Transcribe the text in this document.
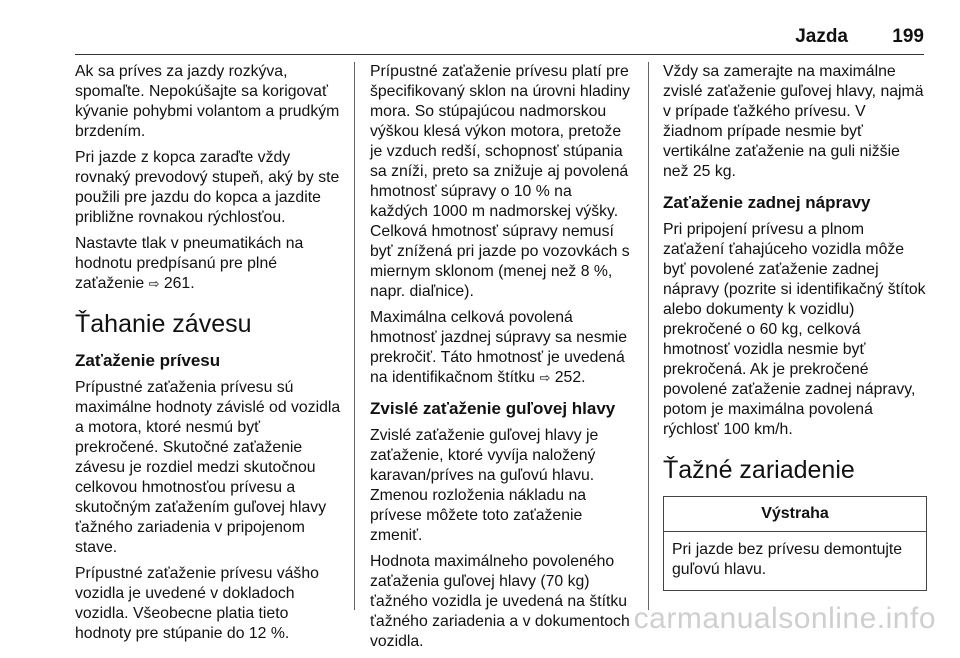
Jazda 199

Ak sa príves za jazdy rozkýva, spomaľte. Nepokúšajte sa korigovať kývanie pohybmi volantom a prudkým brzdením.

Pri jazde z kopca zaraďte vždy rovnaký prevodový stupeň, aký by ste použili pre jazdu do kopca a jazdite približne rovnakou rýchlosťou.

Nastavte tlak v pneumatikách na hodnotu predpísanú pre plné zaťaženie ⇨ 261.

Ťahanie závesu
Zaťaženie prívesu

Prípustné zaťaženia prívesu sú maximálne hodnoty závislé od vozidla a motora, ktoré nesmú byť prekročené. Skutočné zaťaženie závesu je rozdiel medzi skutočnou celkovou hmotnosťou prívesu a skutočným zaťažením guľovej hlavy ťažného zariadenia v pripojenom stave.

Prípustné zaťaženie prívesu vášho vozidla je uvedené v dokladoch vozidla. Všeobecne platia tieto hodnoty pre stúpanie do 12 %.

Prípustné zaťaženie prívesu platí pre špecifikovaný sklon na úrovni hladiny mora. So stúpajúcou nadmorskou výškou klesá výkon motora, pretože je vzduch redší, schopnosť stúpania sa zníži, preto sa znižuje aj povolená hmotnosť súpravy o 10 % na každých 1000 m nadmorskej výšky. Celková hmotnosť súpravy nemusí byť znížená pri jazde po vozovkách s miernym sklonom (menej než 8 %, napr. diaľnice).

Maximálna celková povolená hmotnosť jazdnej súpravy sa nesmie prekročiť. Táto hmotnosť je uvedená na identifikačnom štítku ⇨ 252.

Zvislé zaťaženie guľovej hlavy

Zvislé zaťaženie guľovej hlavy je zaťaženie, ktoré vyvíja naložený karavan/príves na guľovú hlavu. Zmenou rozloženia nákladu na prívese môžete toto zaťaženie zmeniť.

Hodnota maximálneho povoleného zaťaženia guľovej hlavy (70 kg) ťažného vozidla je uvedená na štítku ťažného zariadenia a v dokumentoch vozidla.

Vždy sa zamerajte na maximálne zvislé zaťaženie guľovej hlavy, najmä v prípade ťažkého prívesu. V žiadnom prípade nesmie byť vertikálne zaťaženie na guli nižšie než 25 kg.

Zaťaženie zadnej nápravy

Pri pripojení prívesu a plnom zaťažení ťahajúceho vozidla môže byť povolené zaťaženie zadnej nápravy (pozrite si identifikačný štítok alebo dokumenty k vozidlu) prekročené o 60 kg, celková hmotnosť vozidla nesmie byť prekročená. Ak je prekročené povolené zaťaženie zadnej nápravy, potom je maximálna povolená rýchlosť 100 km/h.

Ťažné zariadenie
Výstraha
Pri jazde bez prívesu demontujte guľovú hlavu.
carmanualsonline.info
